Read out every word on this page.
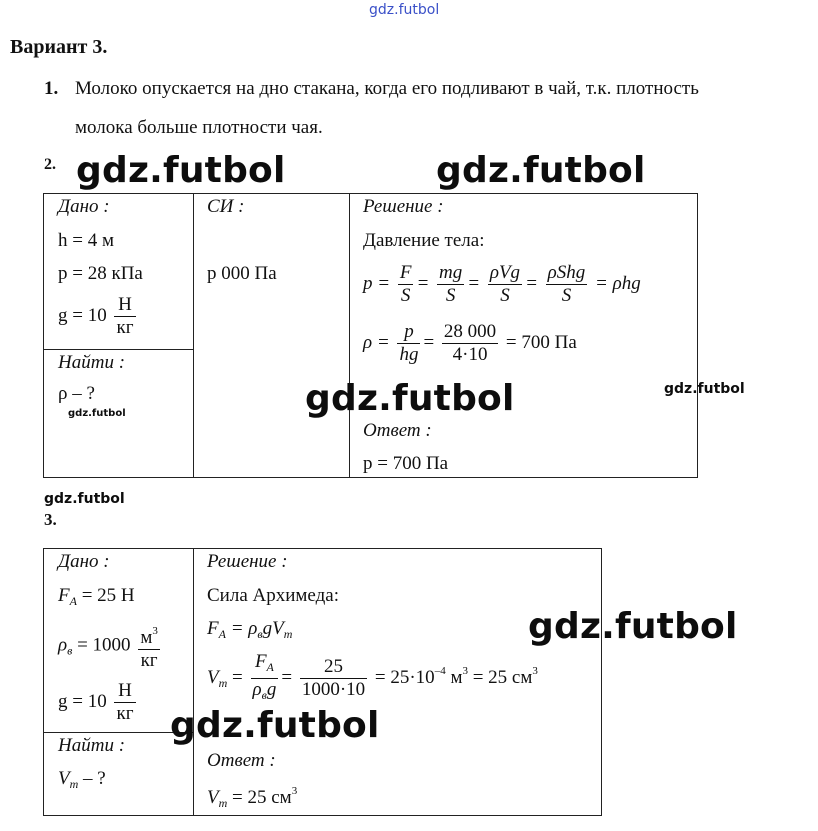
gdz.futbol
Вариант 3.
1. Молоко опускается на дно стакана, когда его подливают в чай, т.к. плотность
молока больше плотности чая.
2. gdz.futbol	gdz.futbol
Дано :
h = 4 м
p = 28 кПа
$g = 10 \frac{Н}{кг}$
СИ :
p 000 Па
Найти :
ρ – ?
gdz.futbol
Решение :
Давление тела:
$p = \frac{F}{S} = \frac{mg}{S} = \frac{\text{ρVg}}{S} = \frac{\text{ρShg}}{S} = \rho hg$
$\rho = \frac{p}{hg} = \frac{28 000}{4\cdot 10} = 700$ Па
gdz.futbol	gdz.futbol
Ответ :
p = 700 Па
gdz.futbol
3.
Дано :
$F_A = 25$ Н
$\rho_в = 1000 \frac{м^3}{кг}$
$g = 10 \frac{Н}{кг}$
Найти :
$V_т$ – ?
Решение :
Сила Архимеда:
$F_A = \rho_вgV_т$
$V_т = \frac{F_A}{\rho_вg} = \frac{25}{1000\cdot 10} = 25\cdot 10^{-4}$ $м^3 = 25$ $см^3$
gdz.futbol
gdz.futbol
Ответ :
$V_т = 25$ $см^3$
